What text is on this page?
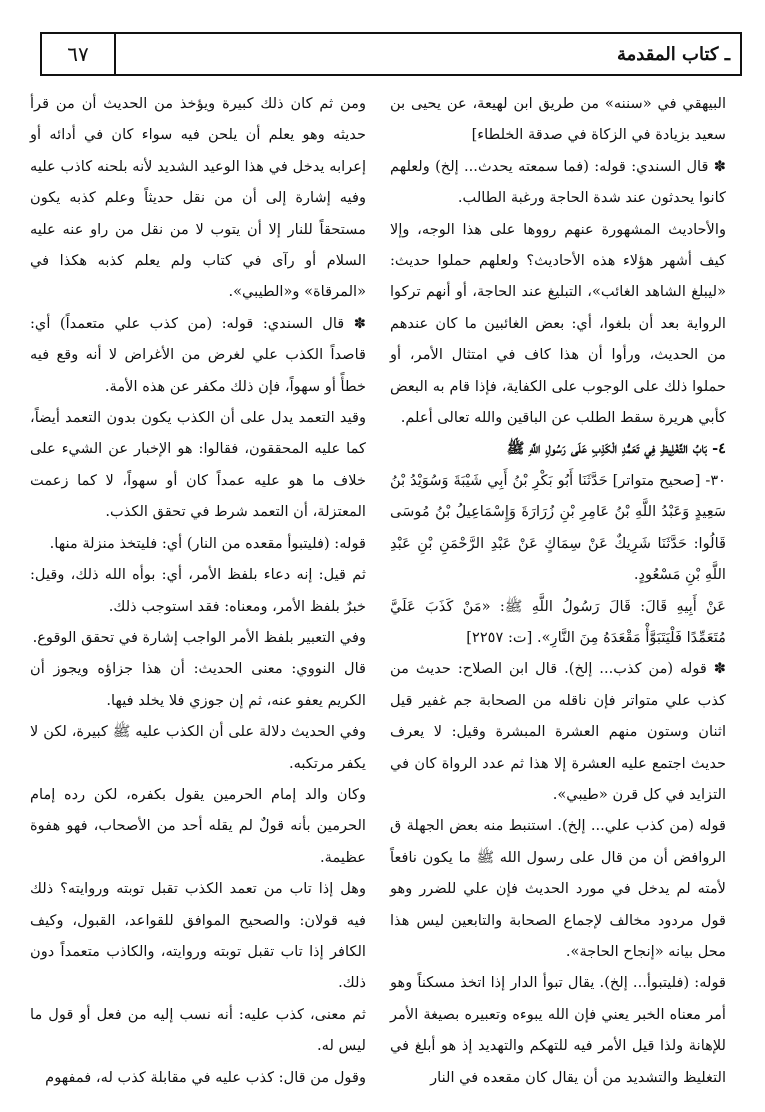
٦٧	ـ كتاب المقدمة

البيهقي في «سننه» من طريق ابن لهيعة، عن يحيى بن سعيد بزيادة في الزكاة في صدقة الخلطاء]

✽ قال السندي: قوله: (فما سمعته يحدث... إلخ) ولعلهم كانوا يحدثون عند شدة الحاجة ورغبة الطالب.

والأحاديث المشهورة عنهم رووها على هذا الوجه، وإلا كيف أشهر هؤلاء هذه الأحاديث؟ ولعلهم حملوا حديث: «ليبلغ الشاهد الغائب»، التبليغ عند الحاجة، أو أنهم تركوا الرواية بعد أن بلغوا، أي: بعض الغائبين ما كان عندهم من الحديث، ورأوا أن هذا كاف في امتثال الأمر، أو حملوا ذلك على الوجوب على الكفاية، فإذا قام به البعض كأبي هريرة سقط الطلب عن الباقين والله تعالى أعلم.

٤- بَابُ التَّغْلِيظِ فِي تَعَمُّدِ الْكَذِبِ عَلَى رَسُولِ اللَّهِ ﷺ

٣٠- [صحيح متواتر] حَدَّثَنَا أَبُو بَكْرِ بْنُ أَبِي شَيْبَةَ وَسُوَيْدُ بْنُ سَعِيدٍ وَعَبْدُ اللَّهِ بْنُ عَامِرِ بْنِ زُرَارَةَ وَإِسْمَاعِيلُ بْنُ مُوسَى قَالُوا: حَدَّثَنَا شَرِيكٌ عَنْ سِمَاكٍ عَنْ عَبْدِ الرَّحْمَنِ بْنِ عَبْدِ اللَّهِ بْنِ مَسْعُودٍ.

عَنْ أَبِيهِ قَالَ: قَالَ رَسُولُ اللَّهِ ﷺ: «مَنْ كَذَبَ عَلَيَّ مُتَعَمِّدًا فَلْيَتَبَوَّأْ مَقْعَدَهُ مِنَ النَّارِ». [ت: ٢٢٥٧]

✽ قوله (من كذب... إلخ). قال ابن الصلاح: حديث من كذب علي متواتر فإن ناقله من الصحابة جم غفير قيل اثنان وستون منهم العشرة المبشرة وقيل: لا يعرف حديث اجتمع عليه العشرة إلا هذا ثم عدد الرواة كان في التزايد في كل قرن «طيبي».

قوله (من كذب علي... إلخ). استنبط منه بعض الجهلة ق الروافض أن من قال على رسول الله ﷺ ما يكون نافعاً لأمته لم يدخل في مورد الحديث فإن علي للضرر وهو قول مردود مخالف لإجماع الصحابة والتابعين ليس هذا محل بيانه «إنجاح الحاجة».

قوله: (فليتبوأ... إلخ). يقال تبوأ الدار إذا اتخذ مسكناً وهو أمر معناه الخبر يعني فإن الله يبوءه وتعبيره بصيغة الأمر للإهانة ولذا قيل الأمر فيه للتهكم والتهديد إذ هو أبلغ في التغليظ والتشديد من أن يقال كان مقعده في النار

ومن ثم كان ذلك كبيرة ويؤخذ من الحديث أن من قرأ حديثه وهو يعلم أن يلحن فيه سواء كان في أدائه أو إعرابه يدخل في هذا الوعيد الشديد لأنه بلحنه كاذب عليه وفيه إشارة إلى أن من نقل حديثاً وعلم كذبه يكون مستحقاً للنار إلا أن يتوب لا من نقل من راو عنه عليه السلام أو رآى في كتاب ولم يعلم كذبه هكذا في «المرقاة» و«الطيبي».

✽ قال السندي: قوله: (من كذب علي متعمداً) أي: قاصداً الكذب علي لغرض من الأغراض لا أنه وقع فيه خطأً أو سهواً، فإن ذلك مكفر عن هذه الأمة.

وقيد التعمد يدل على أن الكذب يكون بدون التعمد أيضاً، كما عليه المحققون، فقالوا: هو الإخبار عن الشيء على خلاف ما هو عليه عمداً كان أو سهواً، لا كما زعمت المعتزلة، أن التعمد شرط في تحقق الكذب.

قوله: (فليتبوأ مقعده من النار) أي: فليتخذ منزلة منها.

ثم قيل: إنه دعاء بلفظ الأمر، أي: بوأه الله ذلك، وقيل: خبرٌ بلفظ الأمر، ومعناه: فقد استوجب ذلك.

وفي التعبير بلفظ الأمر الواجب إشارة في تحقق الوقوع.

قال النووي: معنى الحديث: أن هذا جزاؤه ويجوز أن الكريم يعفو عنه، ثم إن جوزي فلا يخلد فيها.

وفي الحديث دلالة على أن الكذب عليه ﷺ كبيرة، لكن لا يكفر مرتكبه.

وكان والد إمام الحرمين يقول بكفره، لكن رده إمام الحرمين بأنه قولٌ لم يقله أحد من الأصحاب، فهو هفوة عظيمة.

وهل إذا تاب من تعمد الكذب تقبل توبته وروايته؟ ذلك فيه قولان: والصحيح الموافق للقواعد، القبول، وكيف الكافر إذا تاب تقبل توبته وروايته، والكاذب متعمداً دون ذلك.

ثم معنى، كذب عليه: أنه نسب إليه من فعل أو قول ما ليس له.

وقول من قال: كذب عليه في مقابلة كذب له، فمفهوم
